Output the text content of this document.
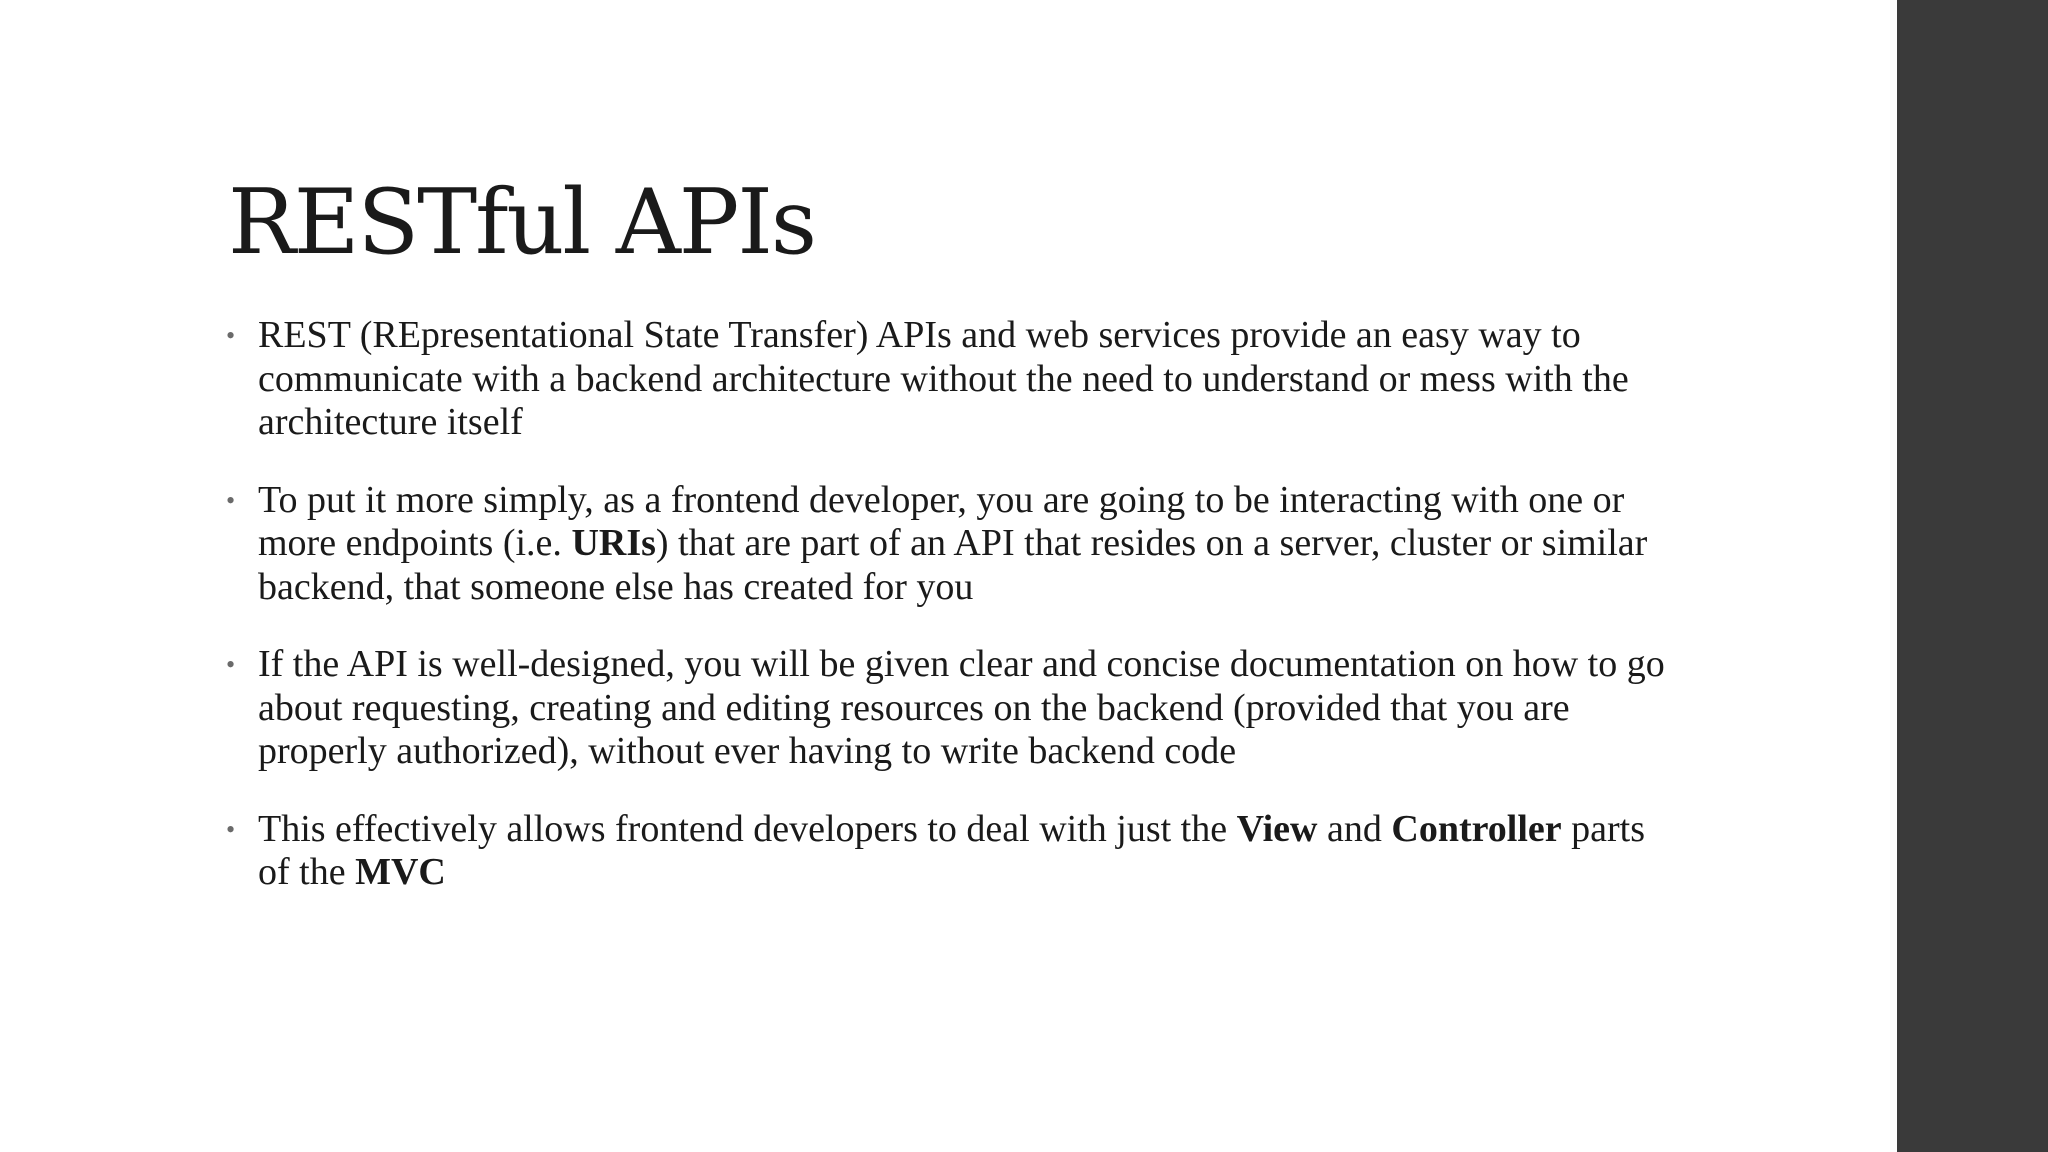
RESTful APIs
• REST (REpresentational State Transfer) APIs and web services provide an easy way to communicate with a backend architecture without the need to understand or mess with the architecture itself
• To put it more simply, as a frontend developer, you are going to be interacting with one or more endpoints (i.e. URIs) that are part of an API that resides on a server, cluster or similar backend, that someone else has created for you
• If the API is well-designed, you will be given clear and concise documentation on how to go about requesting, creating and editing resources on the backend (provided that you are properly authorized), without ever having to write backend code
• This effectively allows frontend developers to deal with just the View and Controller parts of the MVC
